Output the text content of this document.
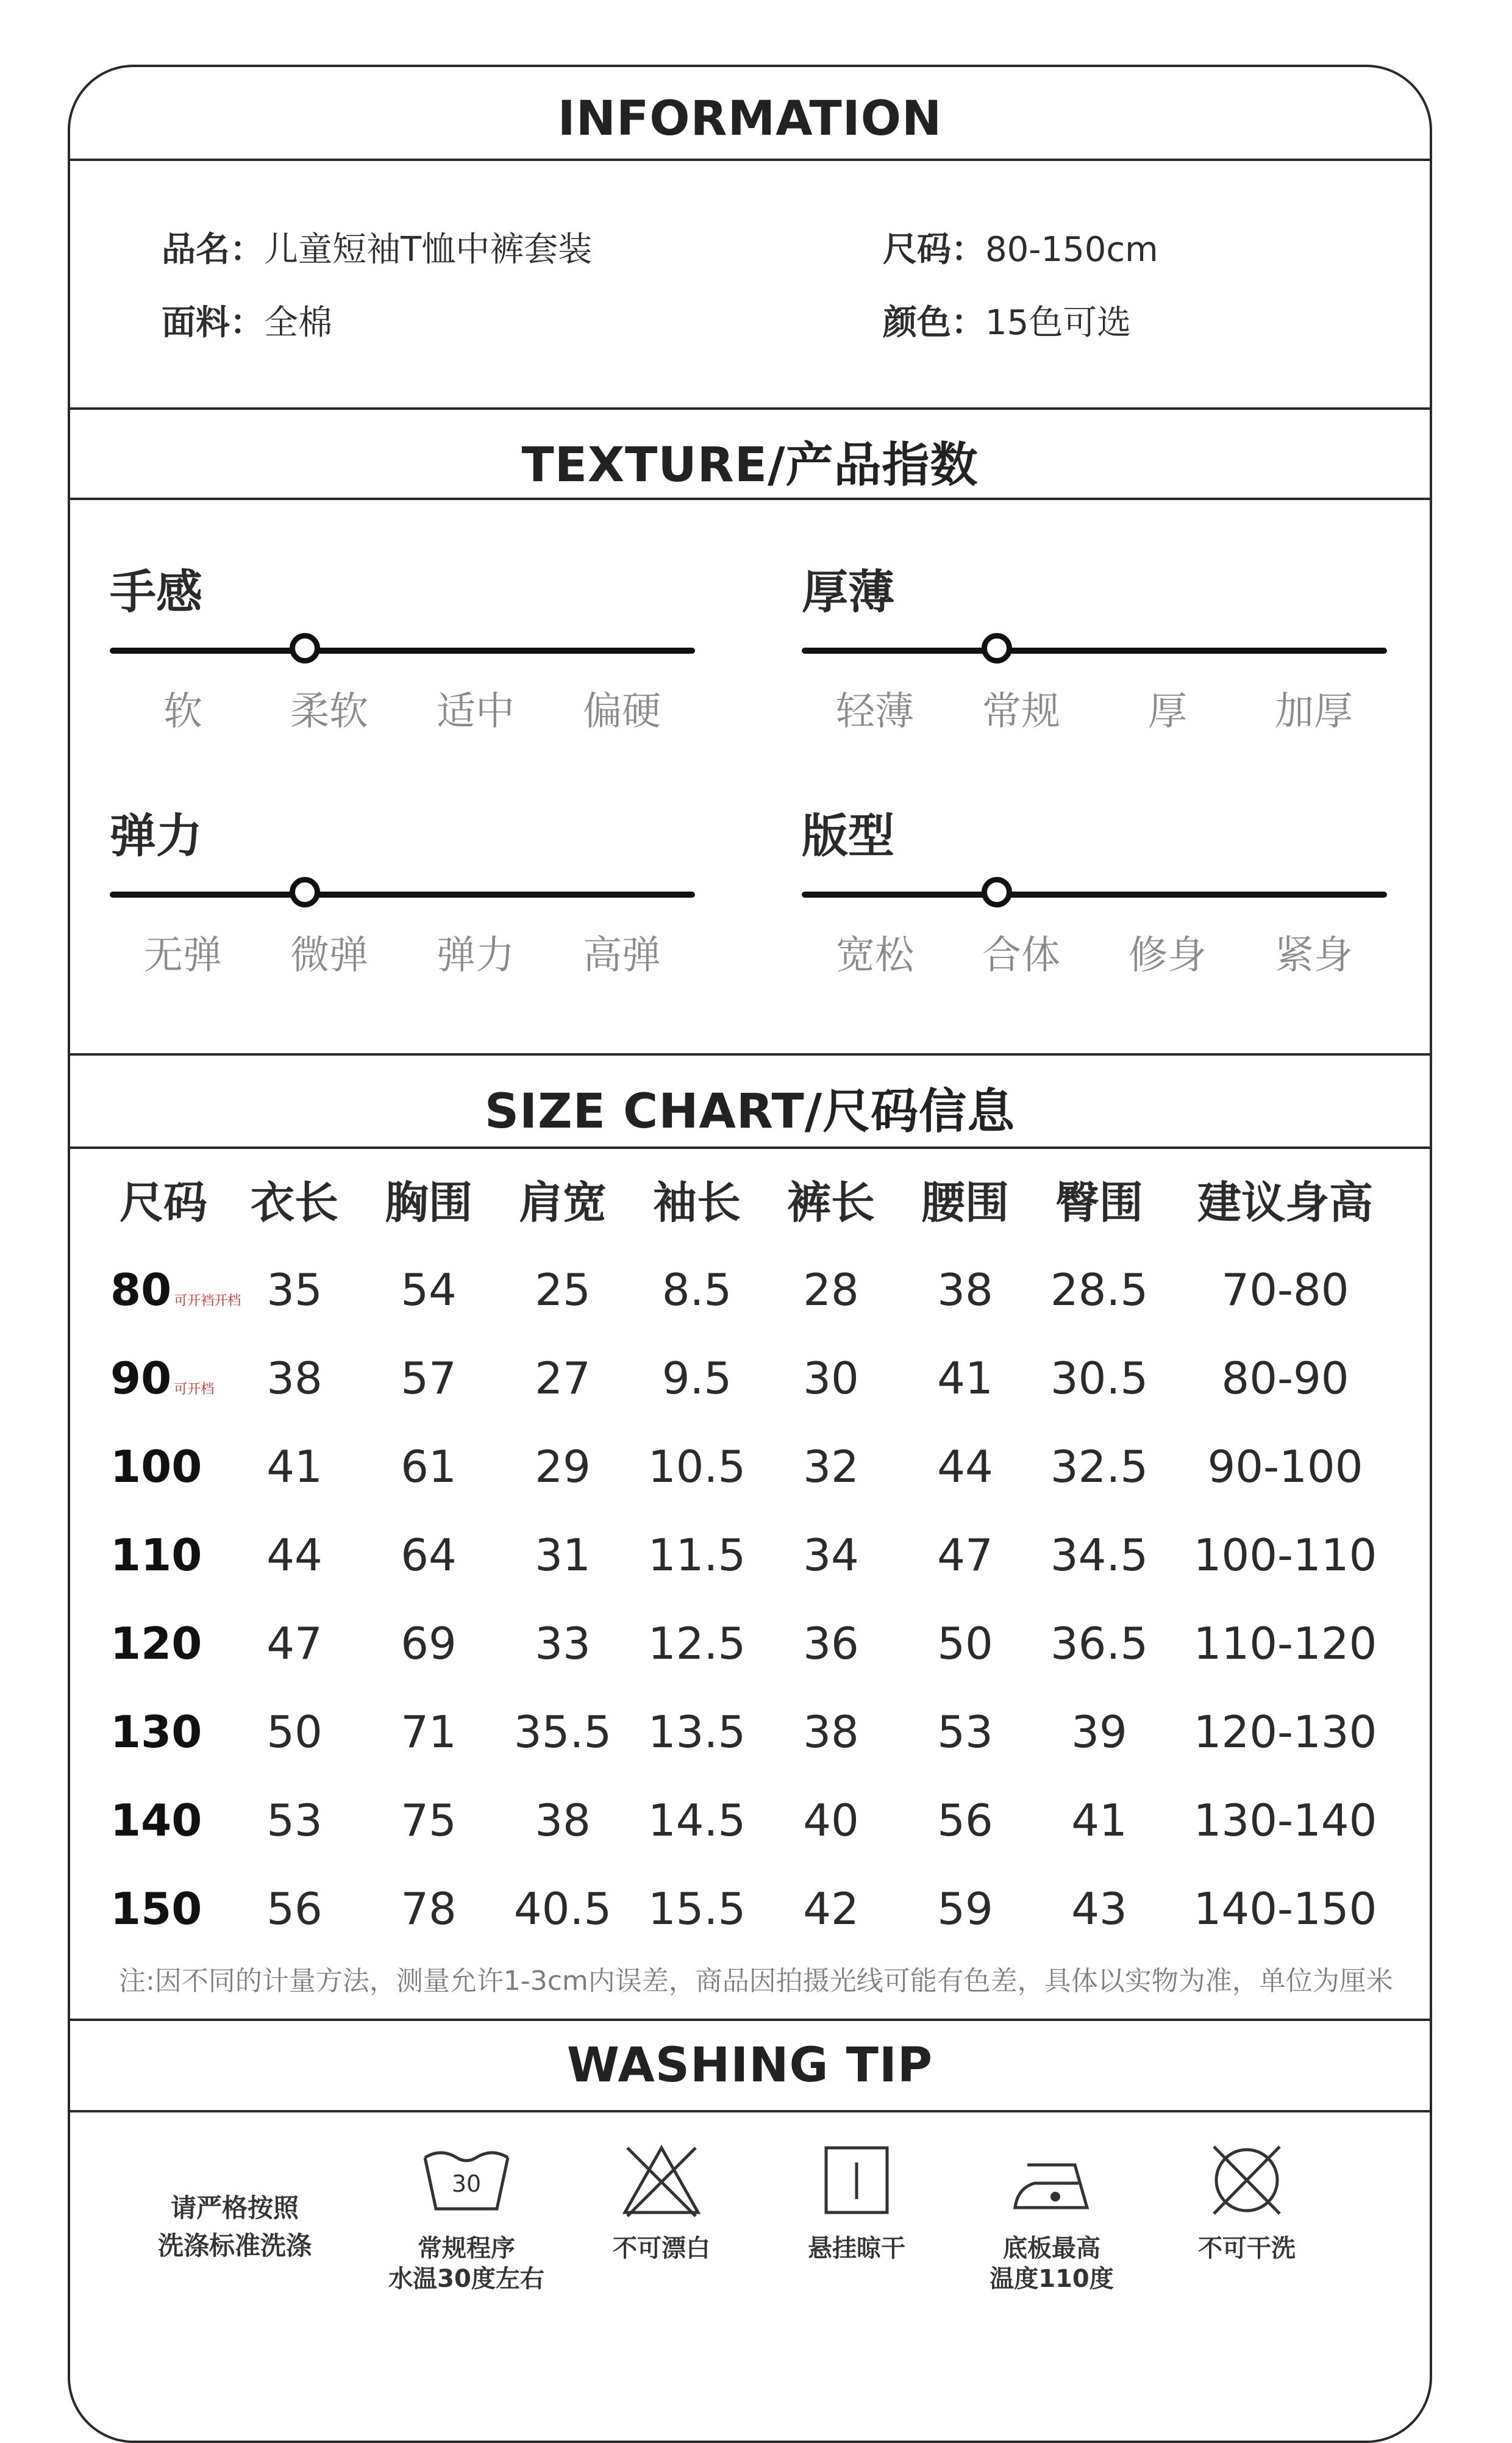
INFORMATION
品名：儿童短袖T恤中裤套装	尺码：80-150cm
面料：全棉	颜色：15色可选
TEXTURE/产品指数
手感
软	柔软	适中	偏硬
厚薄
轻薄	常规	厚	加厚
弹力
无弹	微弹	弹力	高弹
版型
宽松	合体	修身	紧身
SIZE CHART/尺码信息
尺码	衣长	胸围	肩宽	袖长	裤长	腰围	臀围	建议身高
80 可开裆开档	35	54	25	8.5	28	38	28.5	70-80
90 可开档	38	57	27	9.5	30	41	30.5	80-90
100	41	61	29	10.5	32	44	32.5	90-100
110	44	64	31	11.5	34	47	34.5	100-110
120	47	69	33	12.5	36	50	36.5	110-120
130	50	71	35.5	13.5	38	53	39	120-130
140	53	75	38	14.5	40	56	41	130-140
150	56	78	40.5	15.5	42	59	43	140-150
注:因不同的计量方法，测量允许1-3cm内误差，商品因拍摄光线可能有色差，具体以实物为准，单位为厘米
WASHING TIP
请严格按照
洗涤标准洗涤
30
常规程序
水温30度左右
不可漂白	悬挂晾干	底板最高
温度110度
不可干洗
